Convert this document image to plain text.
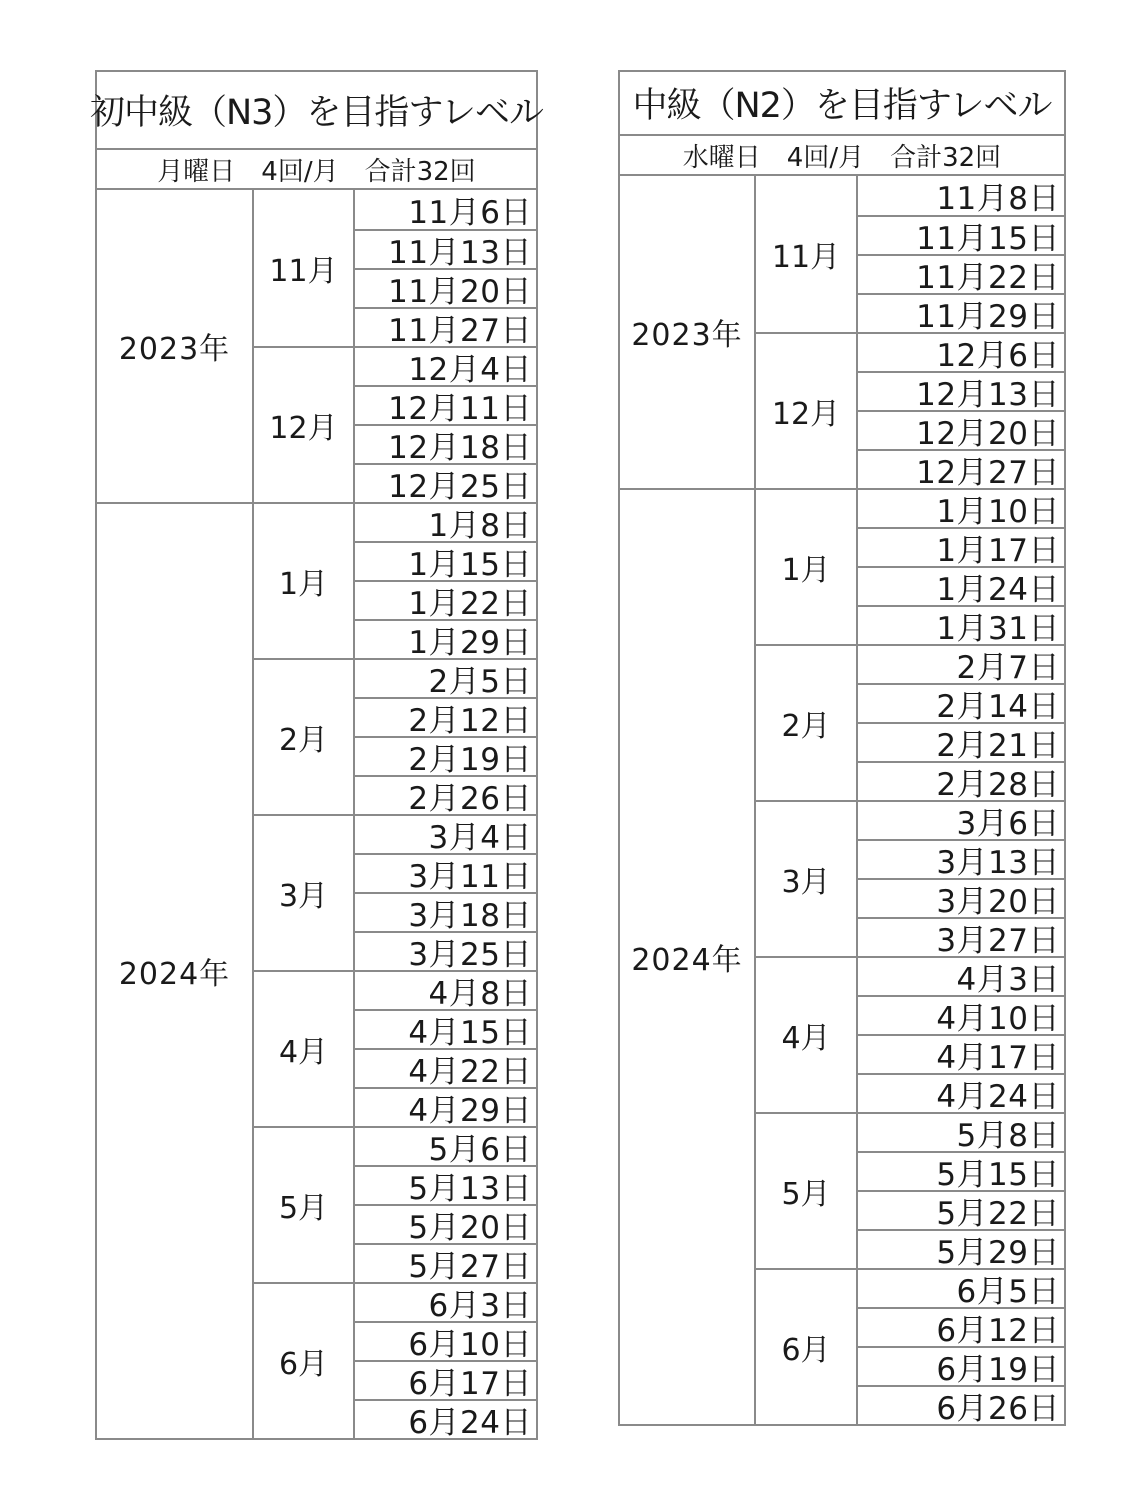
初中級（N3）を目指すレベル
月曜日　4回/月　合計32回
2023年
2024年
11月
12月
1月
2月
3月
4月
5月
6月
11月6日
11月13日
11月20日
11月27日
12月4日
12月11日
12月18日
12月25日
1月8日
1月15日
1月22日
1月29日
2月5日
2月12日
2月19日
2月26日
3月4日
3月11日
3月18日
3月25日
4月8日
4月15日
4月22日
4月29日
5月6日
5月13日
5月20日
5月27日
6月3日
6月10日
6月17日
6月24日
中級（N2）を目指すレベル
水曜日　4回/月　合計32回
2023年
2024年
11月
12月
1月
2月
3月
4月
5月
6月
11月8日
11月15日
11月22日
11月29日
12月6日
12月13日
12月20日
12月27日
1月10日
1月17日
1月24日
1月31日
2月7日
2月14日
2月21日
2月28日
3月6日
3月13日
3月20日
3月27日
4月3日
4月10日
4月17日
4月24日
5月8日
5月15日
5月22日
5月29日
6月5日
6月12日
6月19日
6月26日
